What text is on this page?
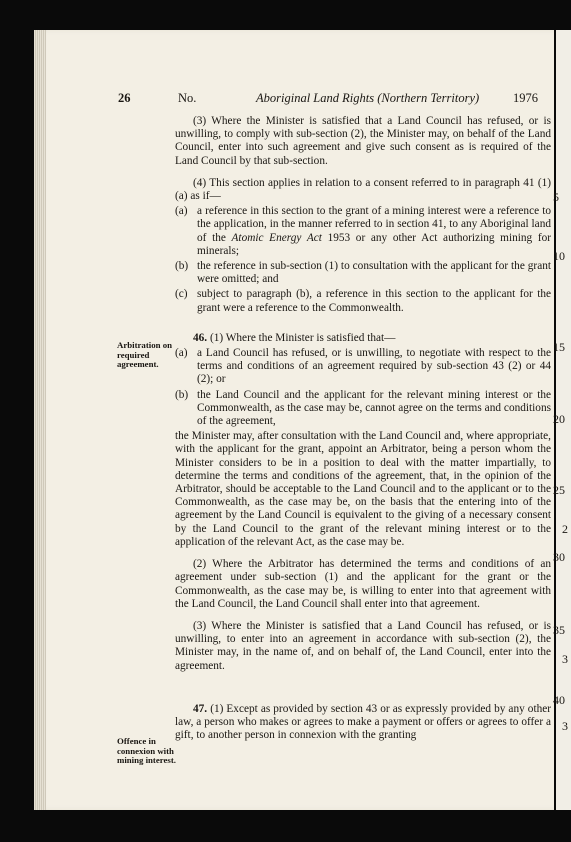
26	No.	Aboriginal Land Rights (Northern Territory)	1976

(3) Where the Minister is satisfied that a Land Council has refused, or is unwilling, to comply with sub-section (2), the Minister may, on behalf of the Land Council, enter into such agreement and give such consent as is required of the Land Council by that sub-section.

(4) This section applies in relation to a consent referred to in paragraph 41 (1) (a) as if—

(a) a reference in this section to the grant of a mining interest were a reference to the application, in the manner referred to in section 41, to any Aboriginal land of the Atomic Energy Act 1953 or any other Act authorizing mining for minerals;
(b) the reference in sub-section (1) to consultation with the applicant for the grant were omitted; and
(c) subject to paragraph (b), a reference in this section to the applicant for the grant were a reference to the Commonwealth.

46. (1) Where the Minister is satisfied that—

(a) a Land Council has refused, or is unwilling, to negotiate with respect to the terms and conditions of an agreement required by sub-section 43 (2) or 44 (2); or
(b) the Land Council and the applicant for the relevant mining interest or the Commonwealth, as the case may be, cannot agree on the terms and conditions of the agreement,

the Minister may, after consultation with the Land Council and, where appropriate, with the applicant for the grant, appoint an Arbitrator, being a person whom the Minister considers to be in a position to deal with the matter impartially, to determine the terms and conditions of the agreement, that, in the opinion of the Arbitrator, should be acceptable to the Land Council and to the applicant or to the Commonwealth, as the case may be, on the basis that the entering into of the agreement by the Land Council is equivalent to the giving of a necessary consent by the Land Council to the grant of the relevant mining interest or to the application of the relevant Act, as the case may be.

(2) Where the Arbitrator has determined the terms and conditions of an agreement under sub-section (1) and the applicant for the grant or the Commonwealth, as the case may be, is willing to enter into that agreement with the Land Council, the Land Council shall enter into that agreement.

(3) Where the Minister is satisfied that a Land Council has refused, or is unwilling, to enter into an agreement in accordance with sub-section (2), the Minister may, in the name of, and on behalf of, the Land Council, enter into the agreement.

47. (1) Except as provided by section 43 or as expressly provided by any other law, a person who makes or agrees to make a payment or offers or agrees to offer a gift, to another person in connexion with the granting

Arbitration on required agreement.
Offence in connexion with mining interest.
5
10
15
20
25
30
35
40
2
3
3
